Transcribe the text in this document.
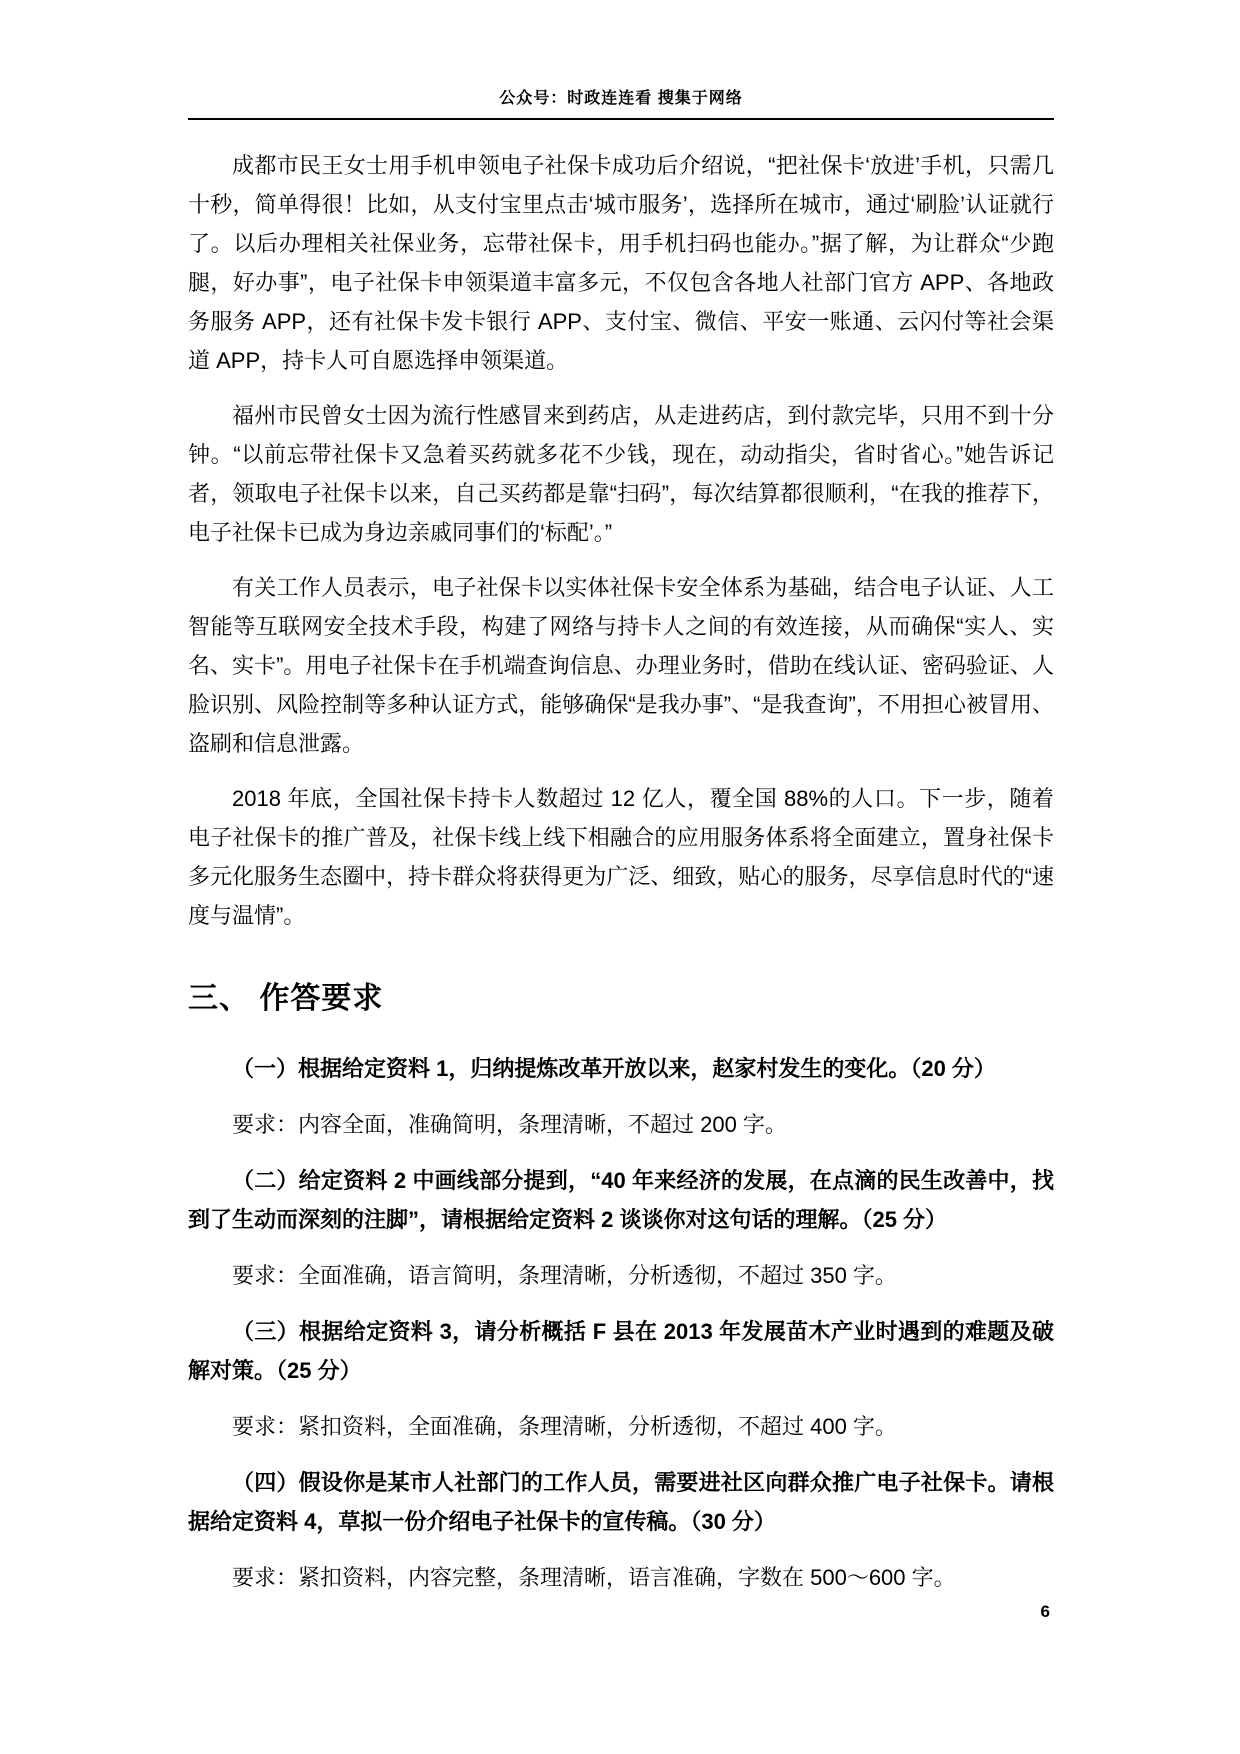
公众号：时政连连看 搜集于网络

成都市民王女士用手机申领电子社保卡成功后介绍说，“把社保卡‘放进’手机，只需几十秒，简单得很！比如，从支付宝里点击‘城市服务’，选择所在城市，通过‘刷脸’认证就行了。以后办理相关社保业务，忘带社保卡，用手机扫码也能办。”据了解，为让群众“少跑腿，好办事”，电子社保卡申领渠道丰富多元，不仅包含各地人社部门官方 APP、各地政务服务 APP，还有社保卡发卡银行 APP、支付宝、微信、平安一账通、云闪付等社会渠道 APP，持卡人可自愿选择申领渠道。

福州市民曾女士因为流行性感冒来到药店，从走进药店，到付款完毕，只用不到十分钟。“以前忘带社保卡又急着买药就多花不少钱，现在，动动指尖，省时省心。”她告诉记者，领取电子社保卡以来，自己买药都是靠“扫码”，每次结算都很顺利，“在我的推荐下，电子社保卡已成为身边亲戚同事们的‘标配’。”

有关工作人员表示，电子社保卡以实体社保卡安全体系为基础，结合电子认证、人工智能等互联网安全技术手段，构建了网络与持卡人之间的有效连接，从而确保“实人、实名、实卡”。用电子社保卡在手机端查询信息、办理业务时，借助在线认证、密码验证、人脸识别、风险控制等多种认证方式，能够确保“是我办事”、“是我查询”，不用担心被冒用、盗刷和信息泄露。

2018 年底，全国社保卡持卡人数超过 12 亿人，覆全国 88%的人口。下一步，随着电子社保卡的推广普及，社保卡线上线下相融合的应用服务体系将全面建立，置身社保卡多元化服务生态圈中，持卡群众将获得更为广泛、细致，贴心的服务，尽享信息时代的“速度与温情”。

三、 作答要求

（一）根据给定资料 1，归纳提炼改革开放以来，赵家村发生的变化。（20 分）

要求：内容全面，准确简明，条理清晰，不超过 200 字。

（二）给定资料 2 中画线部分提到，“40 年来经济的发展，在点滴的民生改善中，找到了生动而深刻的注脚”，请根据给定资料 2 谈谈你对这句话的理解。（25 分）

要求：全面准确，语言简明，条理清晰，分析透彻，不超过 350 字。

（三）根据给定资料 3，请分析概括 F 县在 2013 年发展苗木产业时遇到的难题及破解对策。（25 分）

要求：紧扣资料，全面准确，条理清晰，分析透彻，不超过 400 字。

（四）假设你是某市人社部门的工作人员，需要进社区向群众推广电子社保卡。请根据给定资料 4，草拟一份介绍电子社保卡的宣传稿。（30 分）

要求：紧扣资料，内容完整，条理清晰，语言准确，字数在 500～600 字。

6
